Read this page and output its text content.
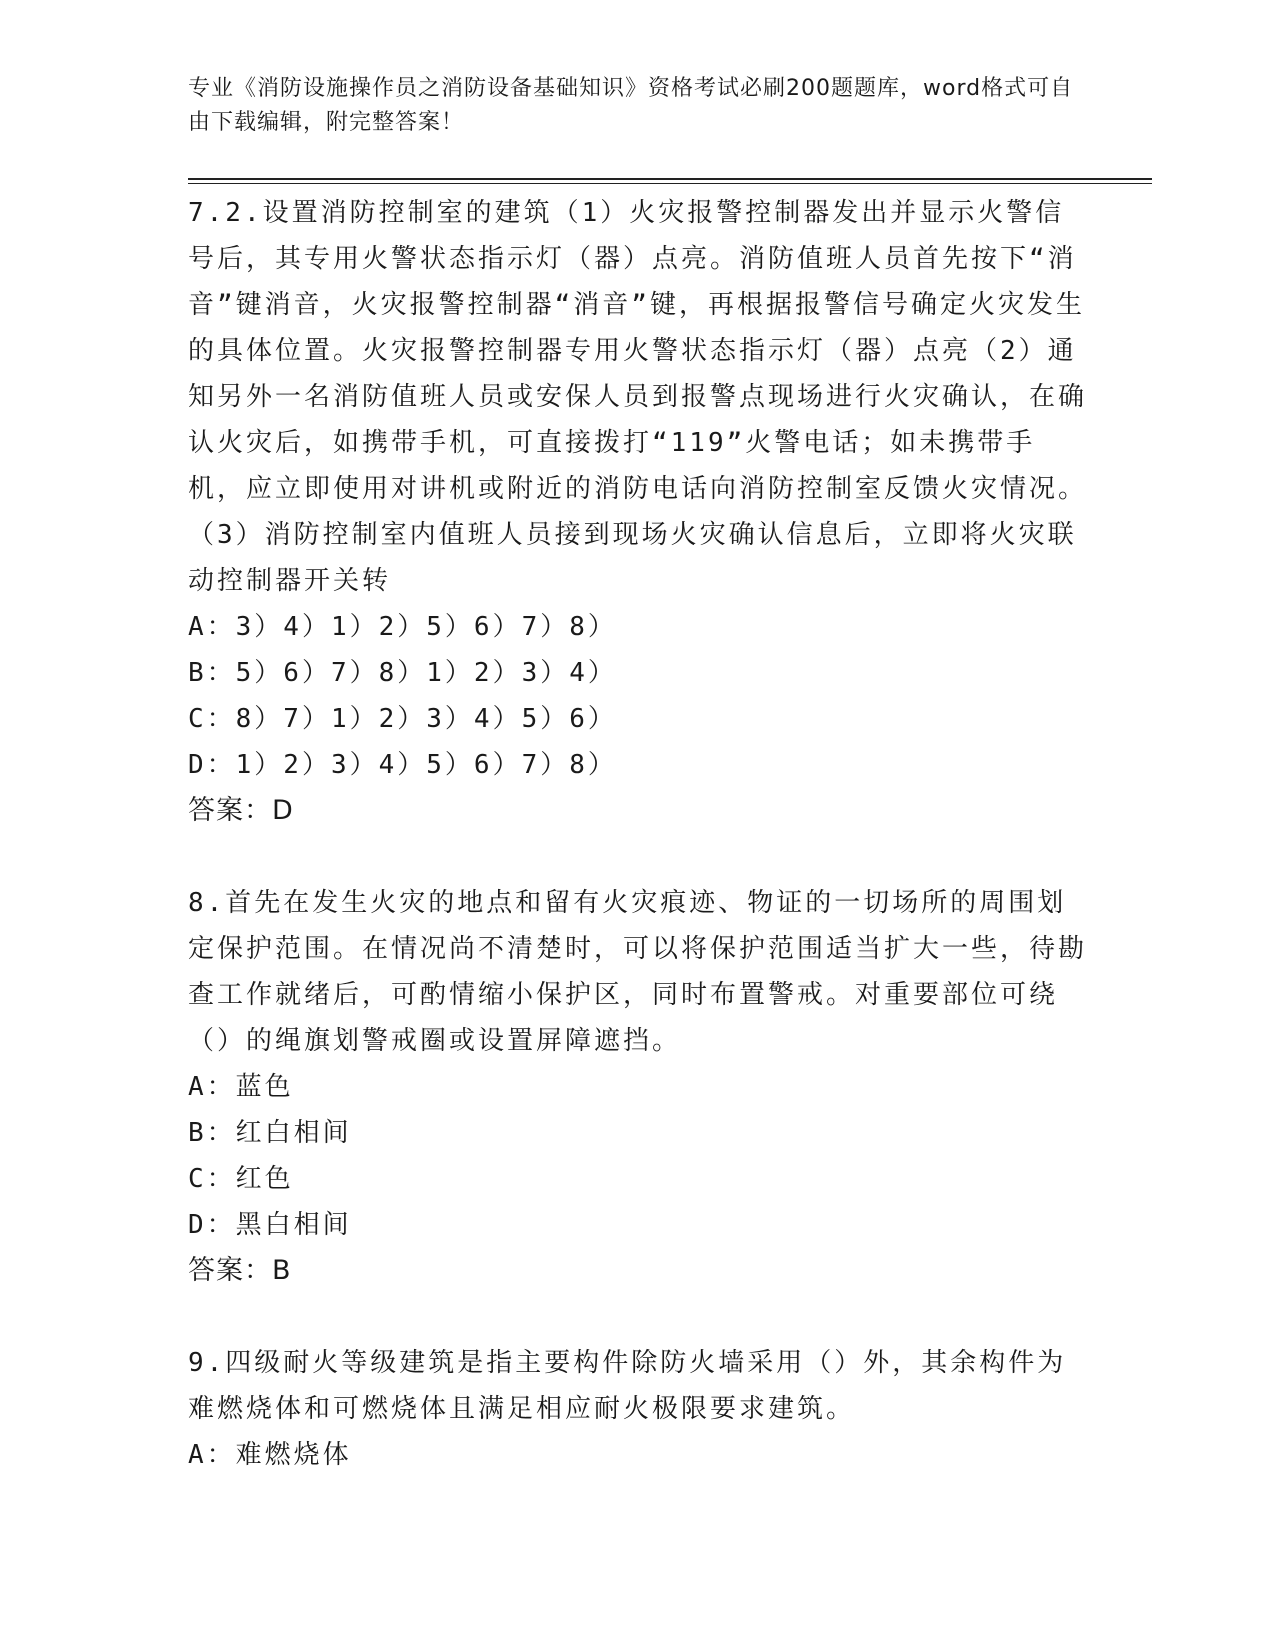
专业《消防设施操作员之消防设备基础知识》资格考试必刷200题题库，word格式可自由下载编辑，附完整答案！

7.2.设置消防控制室的建筑（1）火灾报警控制器发出并显示火警信号后，其专用火警状态指示灯（器）点亮。消防值班人员首先按下“消音”键消音，火灾报警控制器“消音”键，再根据报警信号确定火灾发生的具体位置。火灾报警控制器专用火警状态指示灯（器）点亮（2）通知另外一名消防值班人员或安保人员到报警点现场进行火灾确认，在确认火灾后，如携带手机，可直接拨打“119”火警电话；如未携带手机，应立即使用对讲机或附近的消防电话向消防控制室反馈火灾情况。（3）消防控制室内值班人员接到现场火灾确认信息后，立即将火灾联动控制器开关转

A：3）4）1）2）5）6）7）8）
B：5）6）7）8）1）2）3）4）
C：8）7）1）2）3）4）5）6）
D：1）2）3）4）5）6）7）8）

答案：D

8.首先在发生火灾的地点和留有火灾痕迹、物证的一切场所的周围划定保护范围。在情况尚不清楚时，可以将保护范围适当扩大一些，待勘查工作就绪后，可酌情缩小保护区，同时布置警戒。对重要部位可绕（）的绳旗划警戒圈或设置屏障遮挡。

A：蓝色
B：红白相间
C：红色
D：黑白相间

答案：B

9.四级耐火等级建筑是指主要构件除防火墙采用（）外，其余构件为难燃烧体和可燃烧体且满足相应耐火极限要求建筑。

A：难燃烧体
